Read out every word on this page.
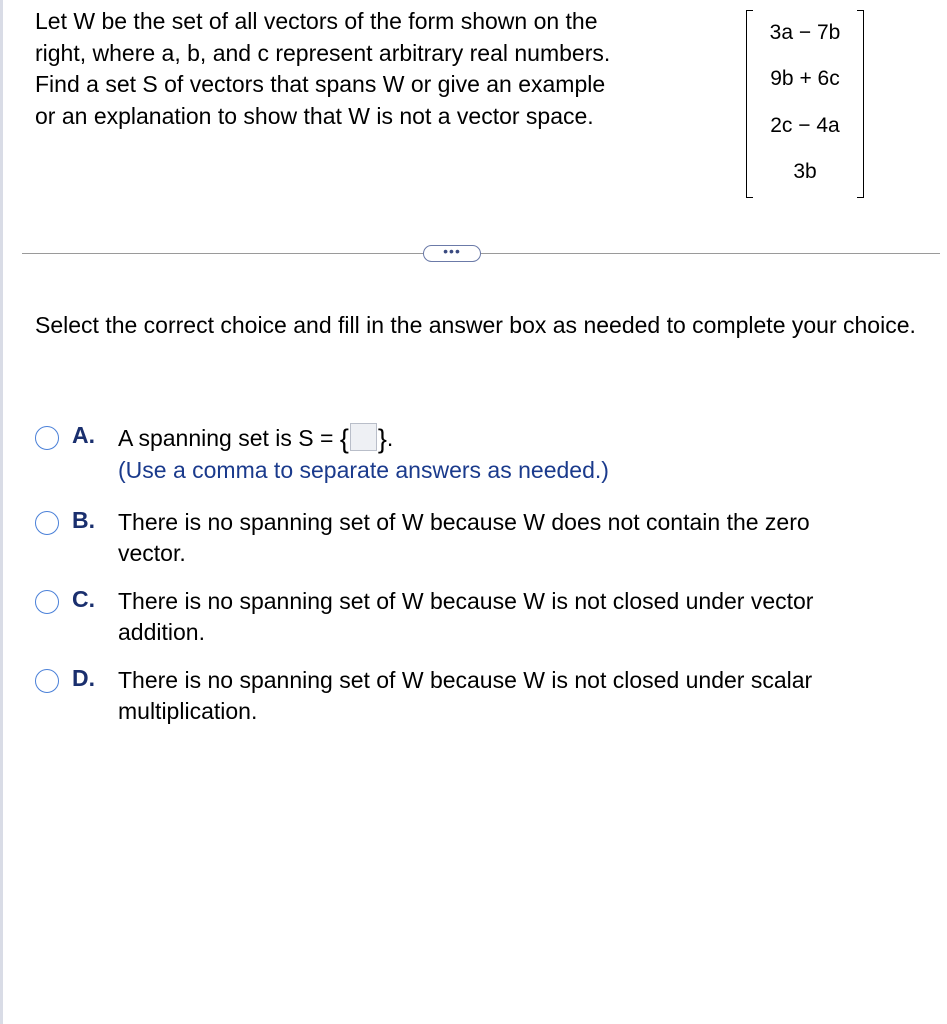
Let W be the set of all vectors of the form shown on the
right, where a, b, and c represent arbitrary real numbers.
Find a set S of vectors that spans W or give an example
or an explanation to show that W is not a vector space.
3a − 7b
9b + 6c
2c − 4a
3b
•••
Select the correct choice and fill in the answer box as needed to complete your choice.
A. A spanning set is S = { }.
(Use a comma to separate answers as needed.)
B. There is no spanning set of W because W does not contain the zero
vector.
C. There is no spanning set of W because W is not closed under vector
addition.
D. There is no spanning set of W because W is not closed under scalar
multiplication.
